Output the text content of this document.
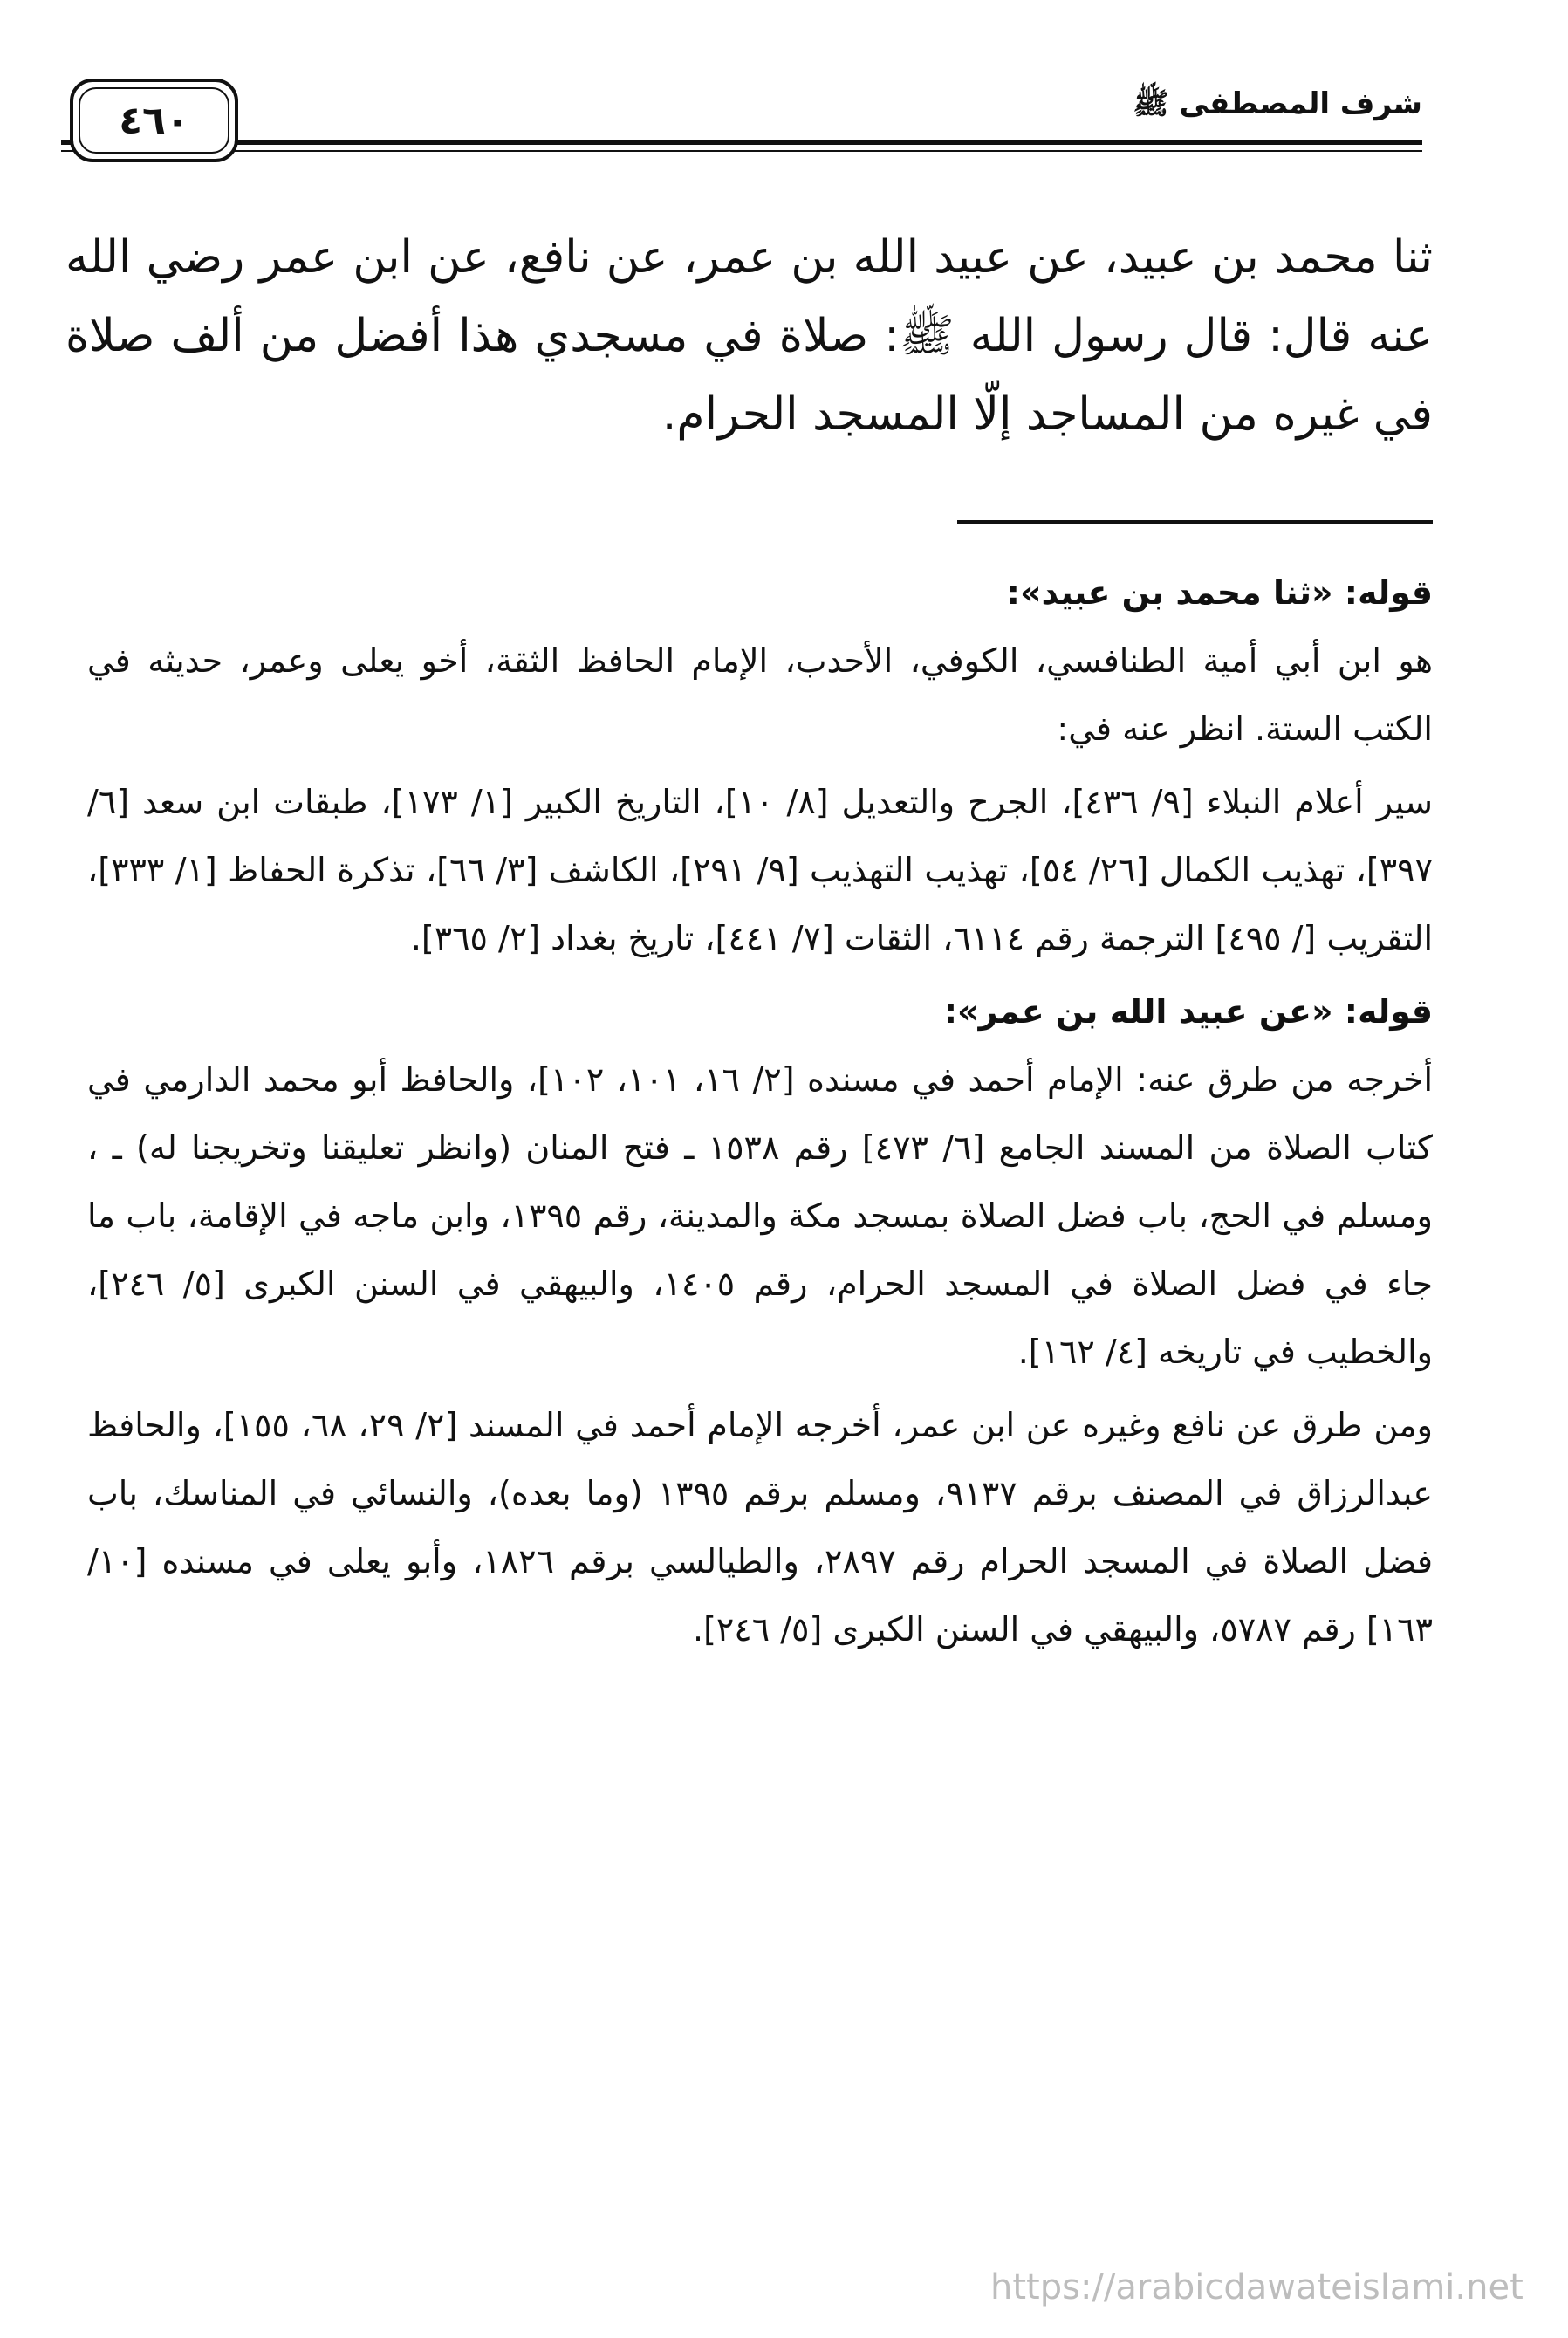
٤٦٠	شرف المصطفى ﷺ

ثنا محمد بن عبيد، عن عبيد الله بن عمر، عن نافع، عن ابن عمر رضي الله عنه قال: قال رسول الله ﷺ: صلاة في مسجدي هذا أفضل من ألف صلاة في غيره من المساجد إلّا المسجد الحرام.

قوله: «ثنا محمد بن عبيد»:

هو ابن أبي أمية الطنافسي، الكوفي، الأحدب، الإمام الحافظ الثقة، أخو يعلى وعمر، حديثه في الكتب الستة. انظر عنه في:

سير أعلام النبلاء [٩/ ٤٣٦]، الجرح والتعديل [٨/ ١٠]، التاريخ الكبير [١/ ١٧٣]، طبقات ابن سعد [٦/ ٣٩٧]، تهذيب الكمال [٢٦/ ٥٤]، تهذيب التهذيب [٩/ ٢٩١]، الكاشف [٣/ ٦٦]، تذكرة الحفاظ [١/ ٣٣٣]، التقريب [/ ٤٩٥] الترجمة رقم ٦١١٤، الثقات [٧/ ٤٤١]، تاريخ بغداد [٢/ ٣٦٥].

قوله: «عن عبيد الله بن عمر»:

أخرجه من طرق عنه: الإمام أحمد في مسنده [٢/ ١٦، ١٠١، ١٠٢]، والحافظ أبو محمد الدارمي في كتاب الصلاة من المسند الجامع [٦/ ٤٧٣] رقم ١٥٣٨ ـ فتح المنان (وانظر تعليقنا وتخريجنا له) ـ ، ومسلم في الحج، باب فضل الصلاة بمسجد مكة والمدينة، رقم ١٣٩٥، وابن ماجه في الإقامة، باب ما جاء في فضل الصلاة في المسجد الحرام، رقم ١٤٠٥، والبيهقي في السنن الكبرى [٥/ ٢٤٦]، والخطيب في تاريخه [٤/ ١٦٢].

ومن طرق عن نافع وغيره عن ابن عمر، أخرجه الإمام أحمد في المسند [٢/ ٢٩، ٦٨، ١٥٥]، والحافظ عبدالرزاق في المصنف برقم ٩١٣٧، ومسلم برقم ١٣٩٥ (وما بعده)، والنسائي في المناسك، باب فضل الصلاة في المسجد الحرام رقم ٢٨٩٧، والطيالسي برقم ١٨٢٦، وأبو يعلى في مسنده [١٠/ ١٦٣] رقم ٥٧٨٧، والبيهقي في السنن الكبرى [٥/ ٢٤٦].

https://arabicdawateislami.net
